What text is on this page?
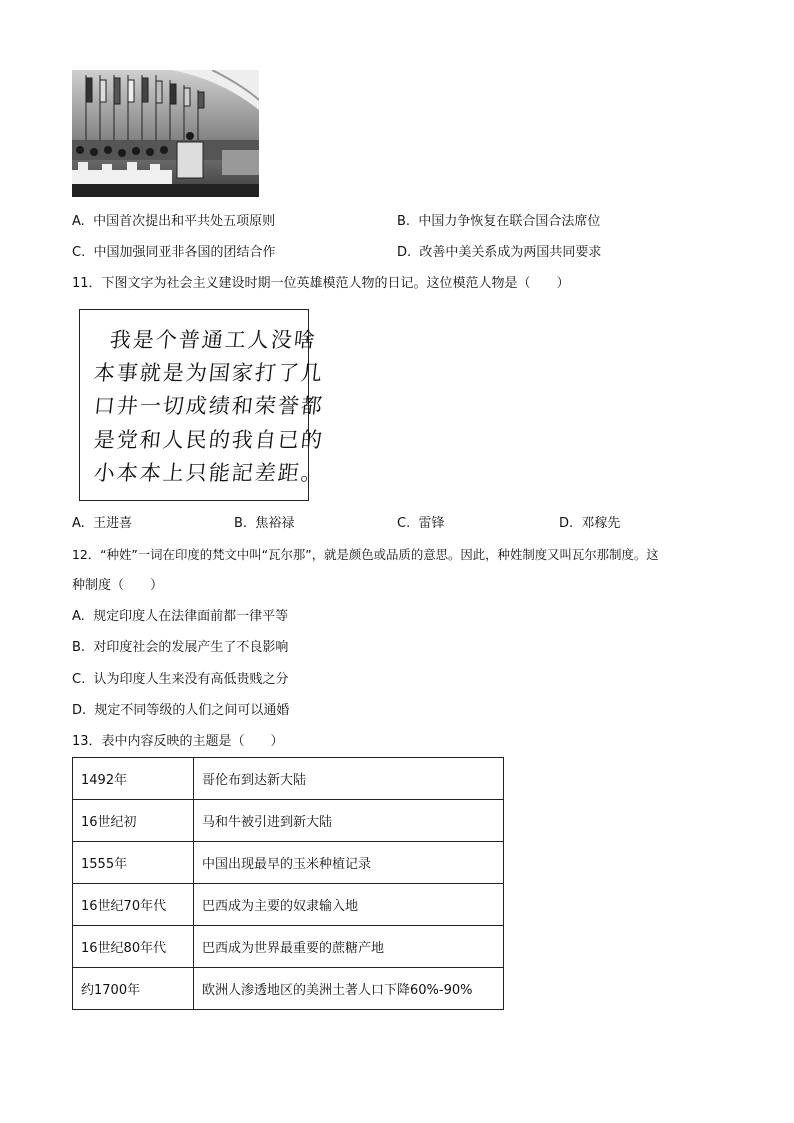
A. 中国首次提出和平共处五项原则	B. 中国力争恢复在联合国合法席位
C. 中国加强同亚非各国的团结合作	D. 改善中美关系成为两国共同要求
11．下图文字为社会主义建设时期一位英雄模范人物的日记。这位模范人物是（　　）
我是个普通工人没啥
本事就是为国家打了几
口井一切成绩和荣誉都
是党和人民的我自已的
小本本上只能記差距。
A. 王进喜	B. 焦裕禄	C. 雷锋	D. 邓稼先
12．“种姓”一词在印度的梵文中叫“瓦尔那”，就是颜色或品质的意思。因此，种姓制度又叫瓦尔那制度。这
种制度（　　）
A. 规定印度人在法律面前都一律平等
B. 对印度社会的发展产生了不良影响
C. 认为印度人生来没有高低贵贱之分
D. 规定不同等级的人们之间可以通婚
13．表中内容反映的主题是（　　）
1492年	哥伦布到达新大陆
16世纪初	马和牛被引进到新大陆
1555年	中国出现最早的玉米种植记录
16世纪70年代	巴西成为主要的奴隶输入地
16世纪80年代	巴西成为世界最重要的蔗糖产地
约1700年	欧洲人渗透地区的美洲土著人口下降60%-90%
